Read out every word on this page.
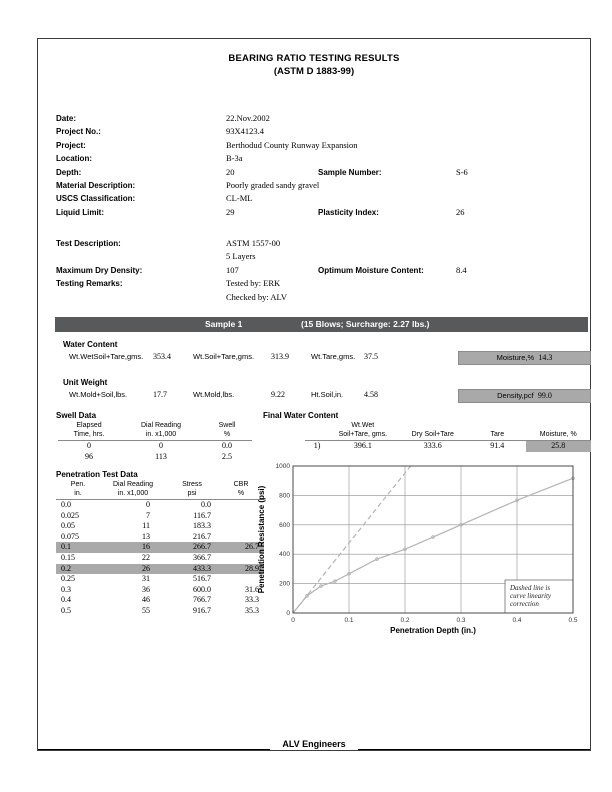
BEARING RATIO TESTING RESULTS
(ASTM D 1883-99)
Date:	22.Nov.2002
Project No.:	93X4123.4
Project:	Berthodud County Runway Expansion
Location:	B-3a
Depth:	20	Sample Number:	S-6
Material Description:	Poorly graded sandy gravel
USCS Classification:	CL-ML
Liquid Limit:	29	Plasticity Index:	26
Test Description:	ASTM 1557-00
5 Layers
Maximum Dry Density:	107	Optimum Moisture Content:	8.4
Testing Remarks:	Tested by: ERK
Checked by: ALV
Sample 1	(15 Blows; Surcharge: 2.27 lbs.)
Water Content
Wt.WetSoil+Tare,gms. 353.4	Wt.Soil+Tare,gms. 313.9	Wt.Tare,gms. 37.5	Moisture,% 14.3
Unit Weight
Wt.Mold+Soil,lbs.	17.7	Wt.Mold,lbs.	9.22	Ht.Soil,in.	4.58	Density,pcf 99.0
Swell Data
Elapsed	Dial Reading	Swell
Time, hrs.	in. x1,000	%
0	0	0.0
96	113	2.5
Final Water Content
	Wt.Wet			
	Soil+Tare, gms.	Dry Soil+Tare	Tare	Moisture, %
1)	396.1	333.6	91.4	25.8
Penetration Test Data
Pen.	Dial Reading	Stress	CBR
in.	in. x1,000	psi	%
0.0	0	0.0	
0.025	7	116.7	
0.05	11	183.3	
0.075	13	216.7	
0.1	16	266.7	26.7
0.15	22	366.7	
0.2	26	433.3	28.9
0.25	31	516.7	
0.3	36	600.0	31.6
0.4	46	766.7	33.3
0.5	55	916.7	35.3
0	0.1	0.2	0.3	0.4	0.5
0
200
400
600
800
1000
Dashed line is
curve linearity
correction
Penetration Depth (in.)
Penetration Resistance (psi)
ALV Engineers
